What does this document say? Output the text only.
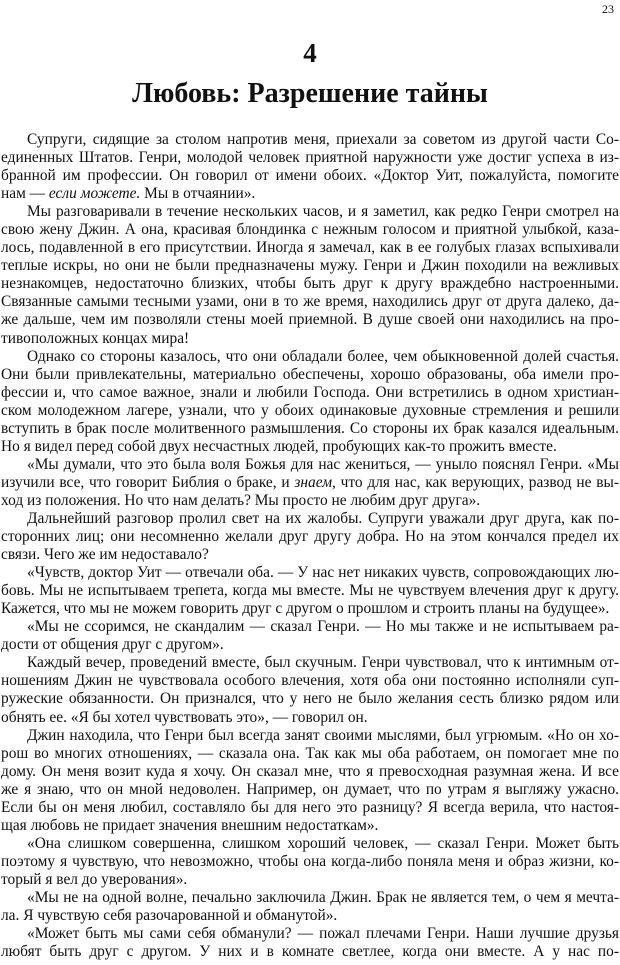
23
4
Любовь: Разрешение тайны
Супруги, сидящие за столом напротив меня, приехали за советом из другой части Со-
единенных Штатов. Генри, молодой человек приятной наружности уже достиг успеха в из-
бранной им профессии. Он говорил от имени обоих. «Доктор Уит, пожалуйста, помогите
нам — если можете. Мы в отчаянии».
Мы разговаривали в течение нескольких часов, и я заметил, как редко Генри смотрел на
свою жену Джин. А она, красивая блондинка с нежным голосом и приятной улыбкой, каза-
лось, подавленной в его присутствии. Иногда я замечал, как в ее голубых глазах вспыхивали
теплые искры, но они не были предназначены мужу. Генри и Джин походили на вежливых
незнакомцев, недостаточно близких, чтобы быть друг к другу враждебно настроенными.
Связанные самыми тесными узами, они в то же время, находились друг от друга далеко, да-
же дальше, чем им позволяли стены моей приемной. В душе своей они находились на про-
тивоположных концах мира!
Однако со стороны казалось, что они обладали более, чем обыкновенной долей счастья.
Они были привлекательны, материально обеспечены, хорошо образованы, оба имели про-
фессии и, что самое важное, знали и любили Господа. Они встретились в одном христиан-
ском молодежном лагере, узнали, что у обоих одинаковые духовные стремления и решили
вступить в брак после молитвенного размышления. Со стороны их брак казался идеальным.
Но я видел перед собой двух несчастных людей, пробующих как-то прожить вместе.
«Мы думали, что это была воля Божья для нас жениться, — уныло пояснял Генри. «Мы
изучили все, что говорит Библия о браке, и знаем, что для нас, как верующих, развод не вы-
ход из положения. Но что нам делать? Мы просто не любим друг друга».
Дальнейший разговор пролил свет на их жалобы. Супруги уважали друг друга, как по-
сторонних лиц; они несомненно желали друг другу добра. Но на этом кончался предел их
связи. Чего же им недоставало?
«Чувств, доктор Уит — отвечали оба. — У нас нет никаких чувств, сопровождающих лю-
бовь. Мы не испытываем трепета, когда мы вместе. Мы не чувствуем влечения друг к другу.
Кажется, что мы не можем говорить друг с другом о прошлом и строить планы на будущее».
«Мы не ссоримся, не скандалим — сказал Генри. — Но мы также и не испытываем ра-
дости от общения друг с другом».
Каждый вечер, проведений вместе, был скучным. Генри чувствовал, что к интимным от-
ношениям Джин не чувствовала особого влечения, хотя оба они постоянно исполняли суп-
ружеские обязанности. Он признался, что у него не было желания сесть близко рядом или
обнять ее. «Я бы хотел чувствовать это», — говорил он.
Джин находила, что Генри был всегда занят своими мыслями, был угрюмым. «Но он хо-
рош во многих отношениях, — сказала она. Так как мы оба работаем, он помогает мне по
дому. Он меня возит куда я хочу. Он сказал мне, что я превосходная разумная жена. И все
же я знаю, что он мной недоволен. Например, он думает, что по утрам я выгляжу ужасно.
Если бы он меня любил, составляло бы для него это разницу? Я всегда верила, что настоя-
щая любовь не придает значения внешним недостаткам».
«Она слишком совершенна, слишком хороший человек, — сказал Генри. Может быть
поэтому я чувствую, что невозможно, чтобы она когда-либо поняла меня и образ жизни, ко-
торый я вел до уверования».
«Мы не на одной волне, печально заключила Джин. Брак не является тем, о чем я мечта-
ла. Я чувствую себя разочарованной и обманутой».
«Может быть мы сами себя обманули? — пожал плечами Генри. Наши лучшие друзья
любят быть друг с другом. У них и в комнате светлее, когда они вместе. А у нас по-
